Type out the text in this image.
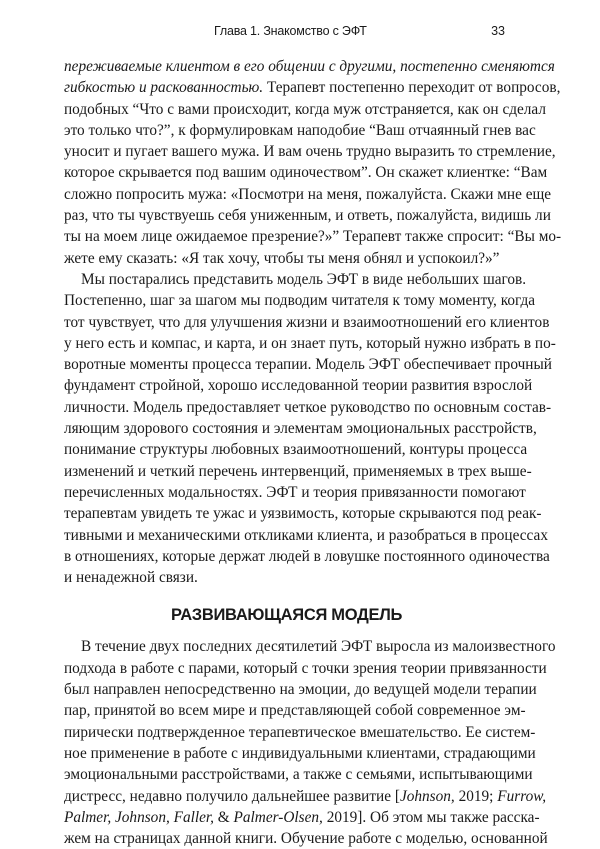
Глава 1. Знакомство с ЭФТ	33

переживаемые клиентом в его общении с другими, постепенно сменяются
гибкостью и раскованностью. Терапевт постепенно переходит от вопросов,
подобных “Что с вами происходит, когда муж отстраняется, как он сделал
это только что?”, к формулировкам наподобие “Ваш отчаянный гнев вас
уносит и пугает вашего мужа. И вам очень трудно выразить то стремление,
которое скрывается под вашим одиночеством”. Он скажет клиентке: “Вам
сложно попросить мужа: «Посмотри на меня, пожалуйста. Скажи мне еще
раз, что ты чувствуешь себя униженным, и ответь, пожалуйста, видишь ли
ты на моем лице ожидаемое презрение?»” Терапевт также спросит: “Вы мо-
жете ему сказать: «Я так хочу, чтобы ты меня обнял и успокоил?»”

Мы постарались представить модель ЭФТ в виде небольших шагов.
Постепенно, шаг за шагом мы подводим читателя к тому моменту, когда
тот чувствует, что для улучшения жизни и взаимоотношений его клиентов
у него есть и компас, и карта, и он знает путь, который нужно избрать в по-
воротные моменты процесса терапии. Модель ЭФТ обеспечивает прочный
фундамент стройной, хорошо исследованной теории развития взрослой
личности. Модель предоставляет четкое руководство по основным состав-
ляющим здорового состояния и элементам эмоциональных расстройств,
понимание структуры любовных взаимоотношений, контуры процесса
изменений и четкий перечень интервенций, применяемых в трех выше-
перечисленных модальностях. ЭФТ и теория привязанности помогают
терапевтам увидеть те ужас и уязвимость, которые скрываются под реак-
тивными и механическими откликами клиента, и разобраться в процессах
в отношениях, которые держат людей в ловушке постоянного одиночества
и ненадежной связи.

РАЗВИВАЮЩАЯСЯ МОДЕЛЬ

В течение двух последних десятилетий ЭФТ выросла из малоизвестного
подхода в работе с парами, который с точки зрения теории привязанности
был направлен непосредственно на эмоции, до ведущей модели терапии
пар, принятой во всем мире и представляющей собой современное эм-
пирически подтвержденное терапевтическое вмешательство. Ее систем-
ное применение в работе с индивидуальными клиентами, страдающими
эмоциональными расстройствами, а также с семьями, испытывающими
дистресс, недавно получило дальнейшее развитие [Johnson, 2019; Furrow,
Palmer, Johnson, Faller, & Palmer-Olsen, 2019]. Об этом мы также расска-
жем на страницах данной книги. Обучение работе с моделью, основанной
